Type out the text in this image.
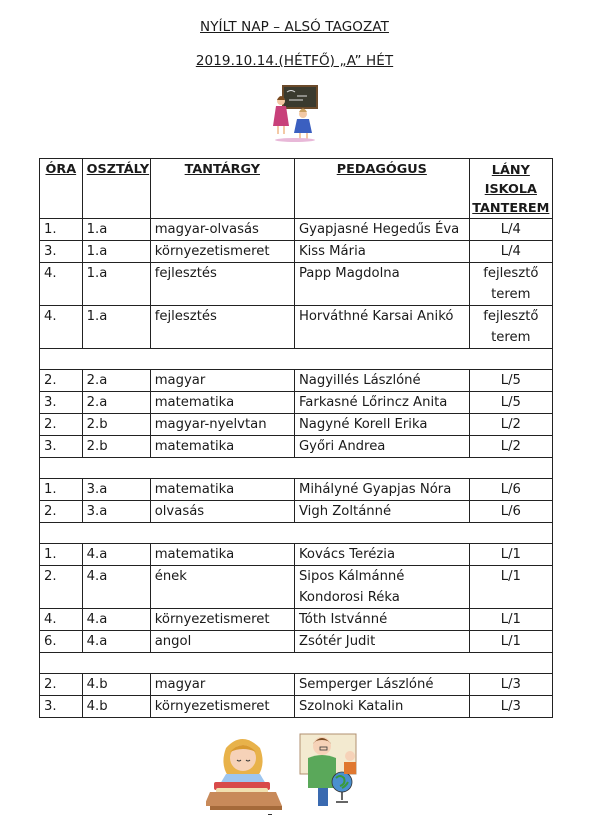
NYÍLT NAP – ALSÓ TAGOZAT
2019.10.14.(HÉTFŐ) „A” HÉT
ÓRA	OSZTÁLY	TANTÁRGY	PEDAGÓGUS	LÁNY
ISKOLA
TANTEREM

1.	1.a	magyar-olvasás	Gyapjasné Hegedűs Éva	L/4

3.	1.a	környezetismeret	Kiss Mária	L/4

4.	1.a	fejlesztés	Papp Magdolna	fejlesztő
terem

4.	1.a	fejlesztés	Horváthné Karsai Anikó	fejlesztő
terem

2.	2.a	magyar	Nagyillés Lászlóné	L/5

3.	2.a	matematika	Farkasné Lőrincz Anita	L/5

2.	2.b	magyar-nyelvtan	Nagyné Korell Erika	L/2

3.	2.b	matematika	Győri Andrea	L/2

1.	3.a	matematika	Mihályné Gyapjas Nóra	L/6

2.	3.a	olvasás	Vigh Zoltánné	L/6

1.	4.a	matematika	Kovács Terézia	L/1

2.	4.a	ének	Sipos Kálmánné
Kondorosi Réka	L/1

4.	4.a	környezetismeret	Tóth Istvánné	L/1

6.	4.a	angol	Zsótér Judit	L/1

2.	4.b	magyar	Semperger Lászlóné	L/3

3.	4.b	környezetismeret	Szolnoki Katalin	L/3
